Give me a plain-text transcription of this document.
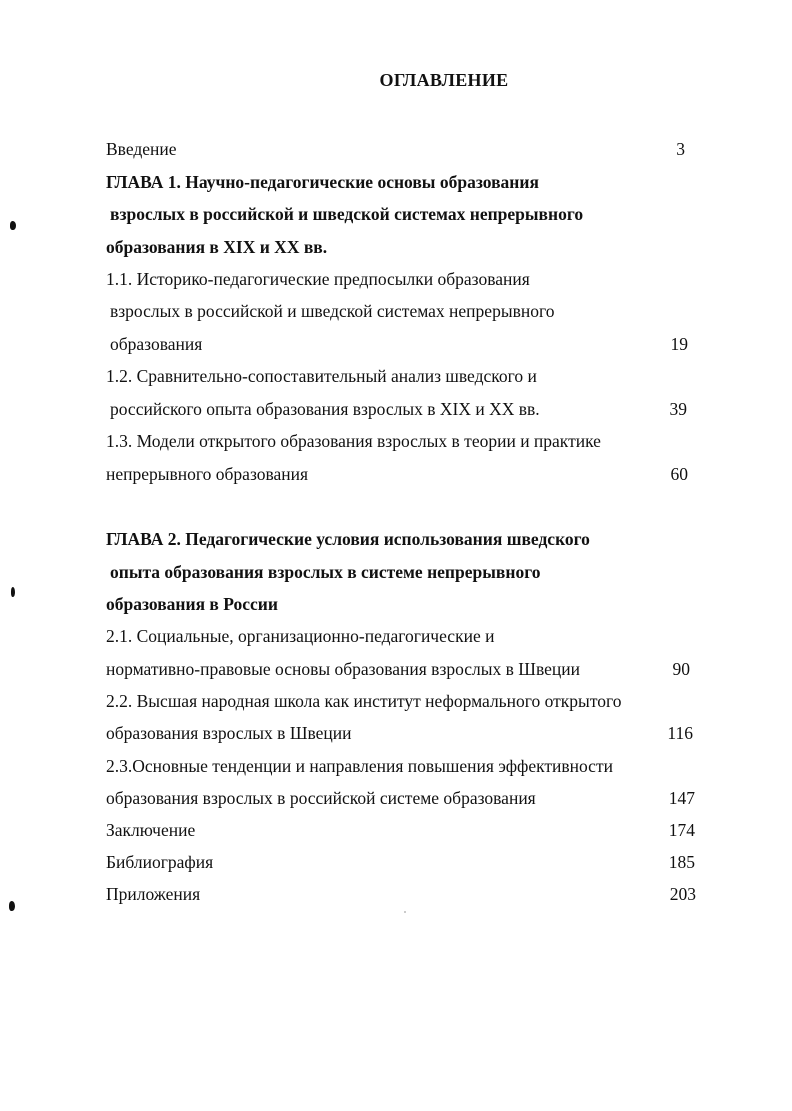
ОГЛАВЛЕНИЕ
Введение	3
ГЛАВА 1. Научно-педагогические основы образования
взрослых в российской и шведской системах непрерывного
образования в XIX и XX вв.
1.1. Историко-педагогические предпосылки образования
взрослых в российской и шведской системах непрерывного
образования	19
1.2. Сравнительно-сопоставительный анализ шведского и
российского опыта образования взрослых в XIX и XX вв.	39
1.3. Модели открытого образования взрослых в теории и практике
непрерывного образования	60
ГЛАВА 2. Педагогические условия использования шведского
опыта образования взрослых в системе непрерывного
образования в России
2.1. Социальные, организационно-педагогические и
нормативно-правовые основы образования взрослых в Швеции	90
2.2. Высшая народная школа как институт неформального открытого
образования взрослых в Швеции	116
2.3.Основные тенденции и направления повышения эффективности
образования взрослых в российской системе образования	147
Заключение	174
Библиография	185
Приложения	203
